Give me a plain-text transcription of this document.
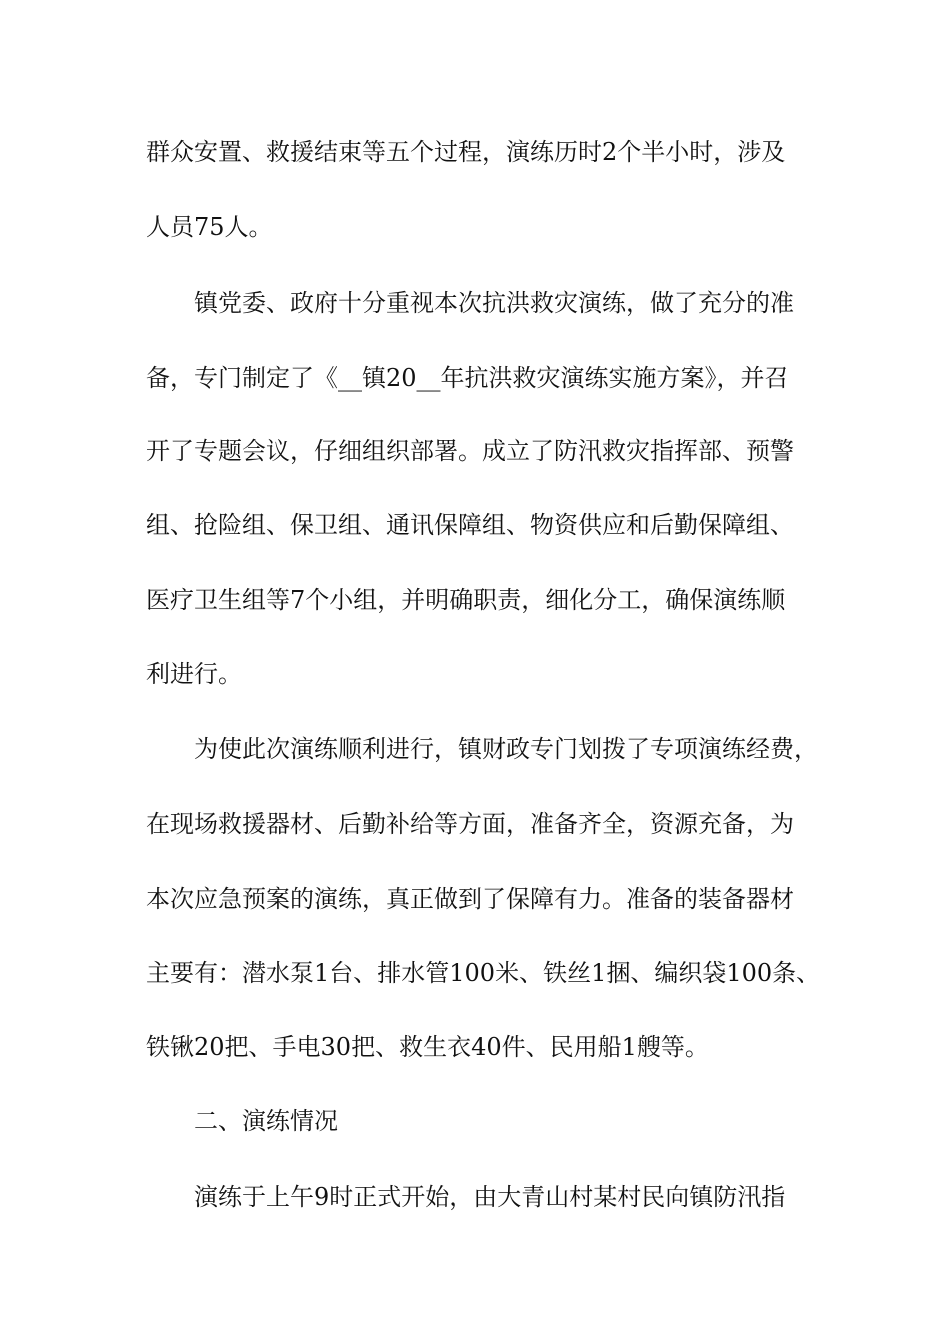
群众安置、救援结束等五个过程，演练历时2个半小时，涉及
人员75人。
镇党委、政府十分重视本次抗洪救灾演练，做了充分的准
备，专门制定了《__镇20__年抗洪救灾演练实施方案》，并召
开了专题会议，仔细组织部署。成立了防汛救灾指挥部、预警
组、抢险组、保卫组、通讯保障组、物资供应和后勤保障组、
医疗卫生组等7个小组，并明确职责，细化分工，确保演练顺
利进行。
为使此次演练顺利进行，镇财政专门划拨了专项演练经费，
在现场救援器材、后勤补给等方面，准备齐全，资源充备，为
本次应急预案的演练，真正做到了保障有力。准备的装备器材
主要有：潜水泵1台、排水管100米、铁丝1捆、编织袋100条、
铁锹20把、手电30把、救生衣40件、民用船1艘等。
二、演练情况
演练于上午9时正式开始，由大青山村某村民向镇防汛指
